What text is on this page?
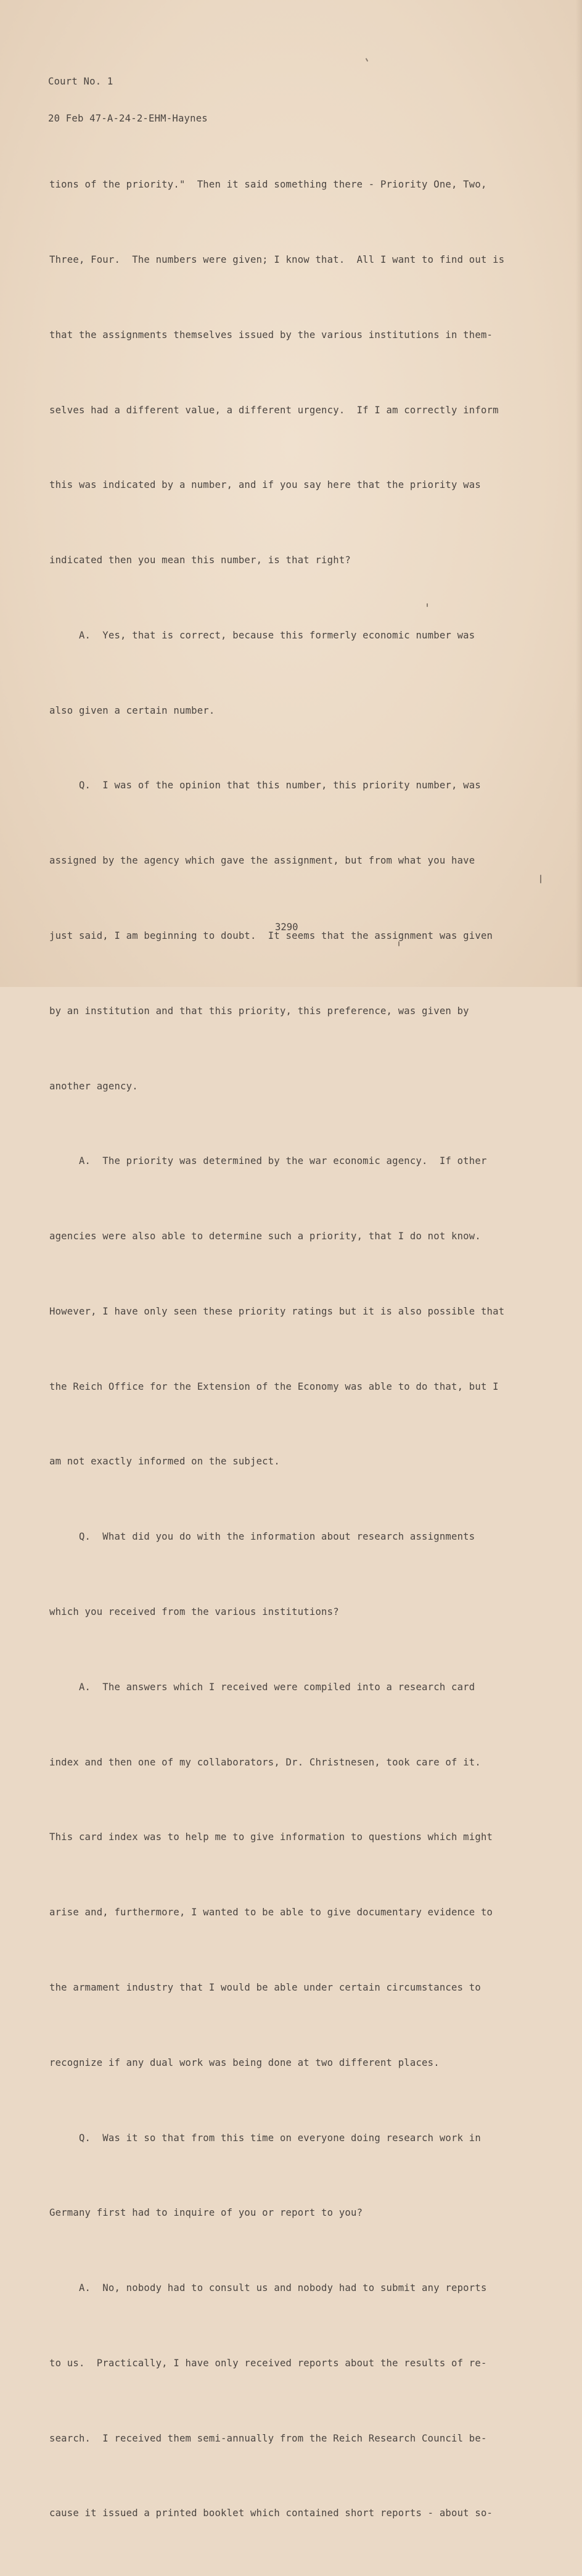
Court No. 1

20 Feb 47-A-24-2-EHM-Haynes

tions of the priority."  Then it said something there - Priority One, Two,

Three, Four.  The numbers were given; I know that.  All I want to find out is

that the assignments themselves issued by the various institutions in them-

selves had a different value, a different urgency.  If I am correctly inform

this was indicated by a number, and if you say here that the priority was

indicated then you mean this number, is that right?

A.  Yes, that is correct, because this formerly economic number was

also given a certain number.

Q.  I was of the opinion that this number, this priority number, was

assigned by the agency which gave the assignment, but from what you have

just said, I am beginning to doubt.  It seems that the assignment was given

by an institution and that this priority, this preference, was given by

another agency.

A.  The priority was determined by the war economic agency.  If other

agencies were also able to determine such a priority, that I do not know.

However, I have only seen these priority ratings but it is also possible that

the Reich Office for the Extension of the Economy was able to do that, but I

am not exactly informed on the subject.

Q.  What did you do with the information about research assignments

which you received from the various institutions?

A.  The answers which I received were compiled into a research card

index and then one of my collaborators, Dr. Christnesen, took care of it.

This card index was to help me to give information to questions which might

arise and, furthermore, I wanted to be able to give documentary evidence to

the armament industry that I would be able under certain circumstances to

recognize if any dual work was being done at two different places.

Q.  Was it so that from this time on everyone doing research work in

Germany first had to inquire of you or report to you?

A.  No, nobody had to consult us and nobody had to submit any reports

to us.  Practically, I have only received reports about the results of re-

search.  I received them semi-annually from the Reich Research Council be-

cause it issued a printed booklet which contained short reports - about so-

3290
